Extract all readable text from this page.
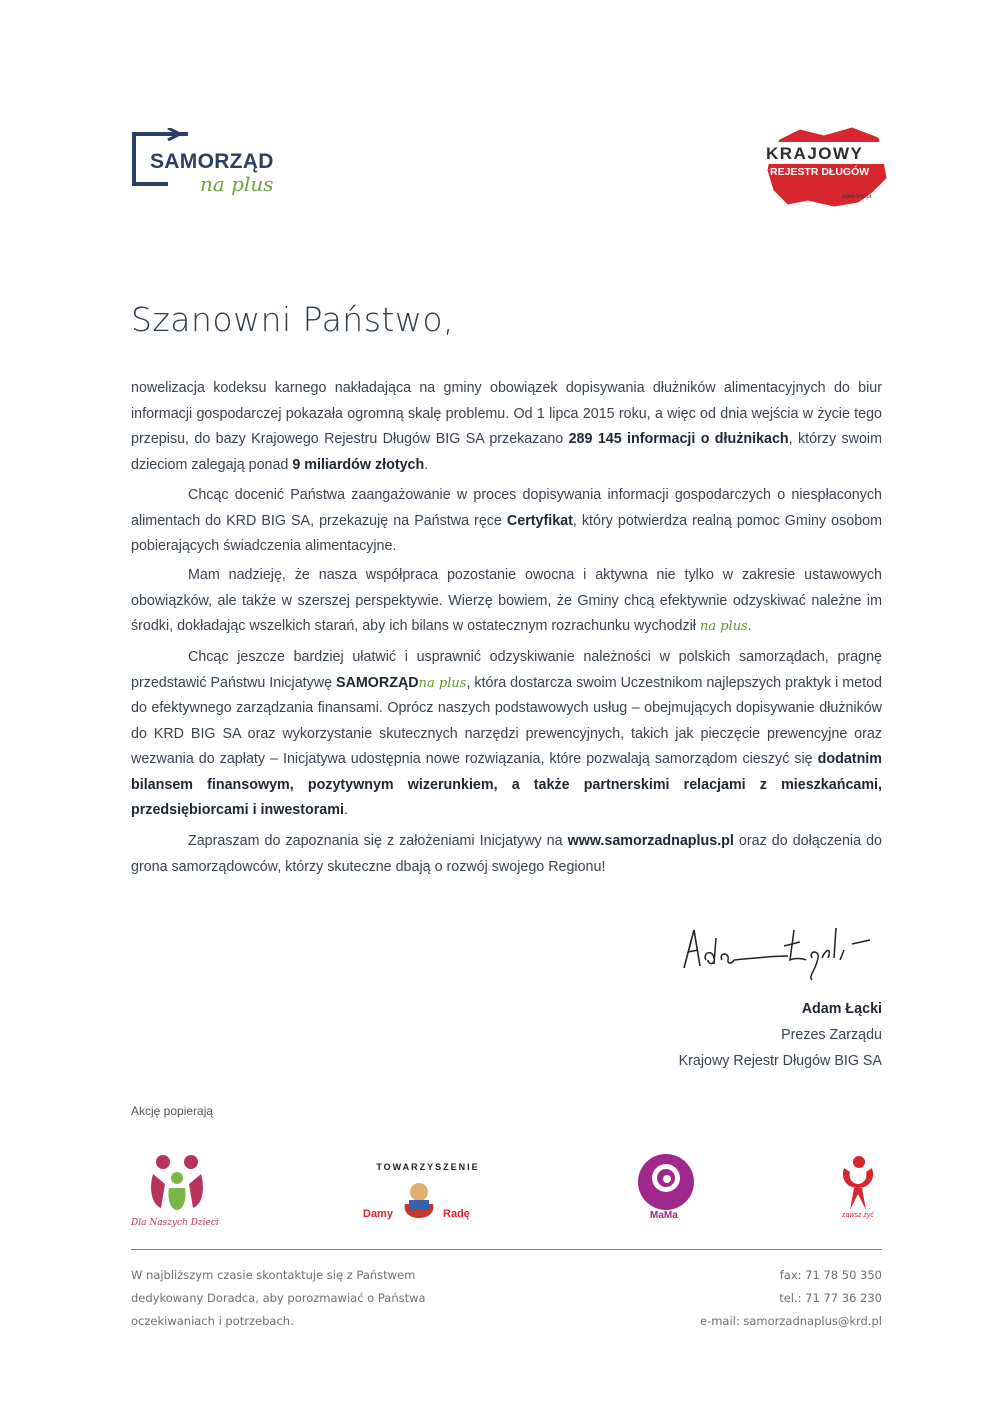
SAMORZĄD
na plus
KRAJOWY
REJESTR DŁUGÓW
www.krd.pl
Szanowni Państwo,
nowelizacja kodeksu karnego nakładająca na gminy obowiązek dopisywania dłużników alimentacyjnych do biur informacji gospodarczej pokazała ogromną skalę problemu. Od 1 lipca 2015 roku, a więc od dnia wejścia w życie tego przepisu, do bazy Krajowego Rejestru Długów BIG SA przekazano 289 145 informacji o dłużnikach, którzy swoim dzieciom zalegają ponad 9 miliardów złotych.
Chcąc docenić Państwa zaangażowanie w proces dopisywania informacji gospodarczych o niespłaconych alimentach do KRD BIG SA, przekazuję na Państwa ręce Certyfikat, który potwierdza realną pomoc Gminy osobom pobierających świadczenia alimentacyjne.
Mam nadzieję, że nasza współpraca pozostanie owocna i aktywna nie tylko w zakresie ustawowych obowiązków, ale także w szerszej perspektywie. Wierzę bowiem, że Gminy chcą efektywnie odzyskiwać należne im środki, dokładając wszelkich starań, aby ich bilans w ostatecznym rozrachunku wychodził na plus.
Chcąc jeszcze bardziej ułatwić i usprawnić odzyskiwanie należności w polskich samorządach, pragnę przedstawić Państwu Inicjatywę SAMORZĄDna plus, która dostarcza swoim Uczestnikom najlepszych praktyk i metod do efektywnego zarządzania finansami. Oprócz naszych podstawowych usług – obejmujących dopisywanie dłużników do KRD BIG SA oraz wykorzystanie skutecznych narzędzi prewencyjnych, takich jak pieczęcie prewencyjne oraz wezwania do zapłaty – Inicjatywa udostępnia nowe rozwiązania, które pozwalają samorządom cieszyć się dodatnim bilansem finansowym, pozytywnym wizerunkiem, a także partnerskimi relacjami z mieszkańcami, przedsiębiorcami i inwestorami.
Zapraszam do zapoznania się z założeniami Inicjatywy na www.samorzadnaplus.pl oraz do dołączenia do grona samorządowców, którzy skuteczne dbają o rozwój swojego Regionu!
Adam Łącki
Prezes Zarządu
Krajowy Rejestr Długów BIG SA
Akcję popierają
Dla Naszych Dzieci
TOWARZYSZENIE
Damy	Radę	MaMa	zawsz żyć
W najbliższym czasie skontaktuje się z Państwem
dedykowany Doradca, aby porozmawiać o Państwa
oczekiwaniach i potrzebach.
fax: 71 78 50 350
tel.: 71 77 36 230
e-mail: samorzadnaplus@krd.pl
